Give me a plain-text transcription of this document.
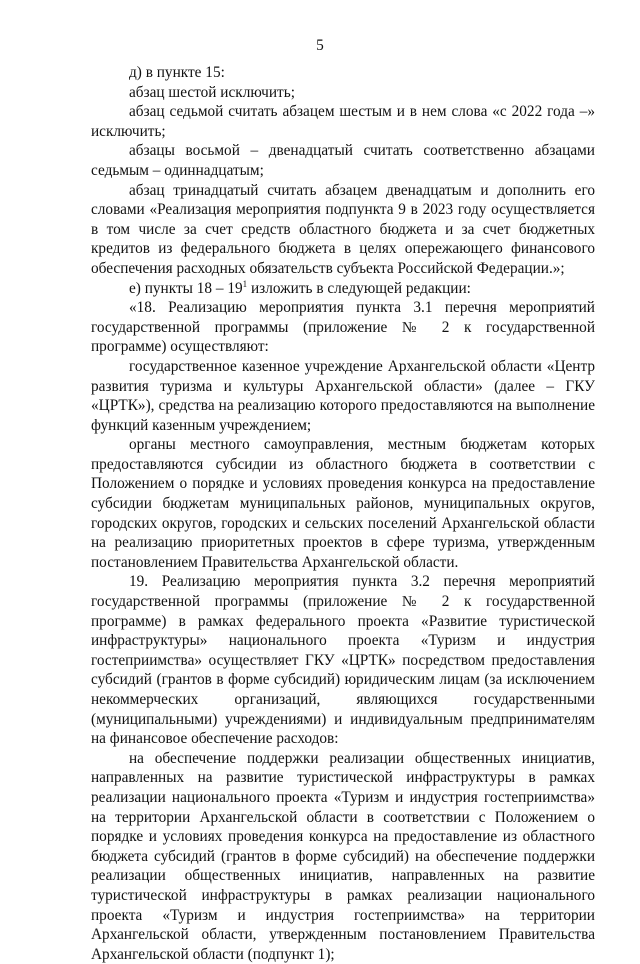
5

д) в пункте 15:

абзац шестой исключить;

абзац седьмой считать абзацем шестым и в нем слова «с 2022 года –» исключить;

абзацы восьмой – двенадцатый считать соответственно абзацами седьмым – одиннадцатым;

абзац тринадцатый считать абзацем двенадцатым и дополнить его словами «Реализация мероприятия подпункта 9 в 2023 году осуществляется в том числе за счет средств областного бюджета и за счет бюджетных кредитов из федерального бюджета в целях опережающего финансового обеспечения расходных обязательств субъекта Российской Федерации.»;

е) пункты $18 - 19^1$ изложить в следующей редакции:

«18. Реализацию мероприятия пункта 3.1 перечня мероприятий государственной программы (приложение № 2 к государственной программе) осуществляют:

государственное казенное учреждение Архангельской области «Центр развития туризма и культуры Архангельской области» (далее – ГКУ «ЦРТК»), средства на реализацию которого предоставляются на выполнение функций казенным учреждением;

органы местного самоуправления, местным бюджетам которых предоставляются субсидии из областного бюджета в соответствии с Положением о порядке и условиях проведения конкурса на предоставление субсидии бюджетам муниципальных районов, муниципальных округов, городских округов, городских и сельских поселений Архангельской области на реализацию приоритетных проектов в сфере туризма, утвержденным постановлением Правительства Архангельской области.

19. Реализацию мероприятия пункта 3.2 перечня мероприятий государственной программы (приложение № 2 к государственной программе) в рамках федерального проекта «Развитие туристической инфраструктуры» национального проекта «Туризм и индустрия гостеприимства» осуществляет ГКУ «ЦРТК» посредством предоставления субсидий (грантов в форме субсидий) юридическим лицам (за исключением некоммерческих организаций, являющихся государственными (муниципальными) учреждениями) и индивидуальным предпринимателям на финансовое обеспечение расходов:

на обеспечение поддержки реализации общественных инициатив, направленных на развитие туристической инфраструктуры в рамках реализации национального проекта «Туризм и индустрия гостеприимства» на территории Архангельской области в соответствии с Положением о порядке и условиях проведения конкурса на предоставление из областного бюджета субсидий (грантов в форме субсидий) на обеспечение поддержки реализации общественных инициатив, направленных на развитие туристической инфраструктуры в рамках реализации национального проекта «Туризм и индустрия гостеприимства» на территории Архангельской области, утвержденным постановлением Правительства Архангельской области (подпункт 1);
